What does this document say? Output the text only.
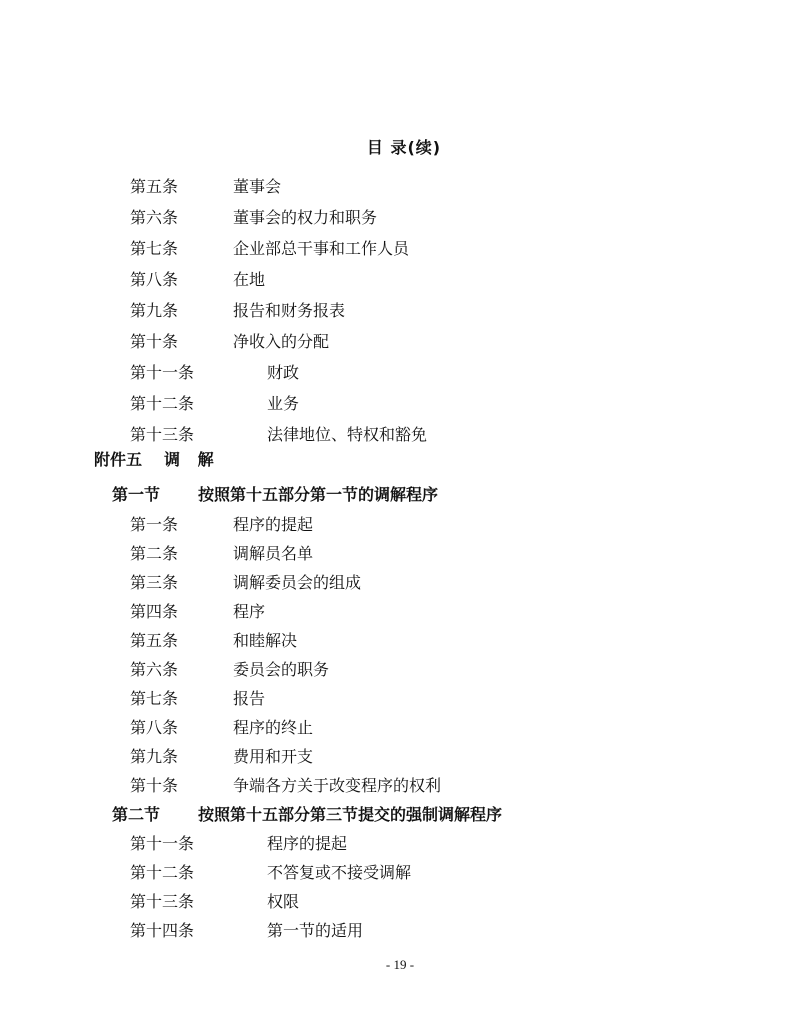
目 录(续)
第五条	董事会
第六条	董事会的权力和职务
第七条	企业部总干事和工作人员
第八条	在地
第九条	报告和财务报表
第十条	净收入的分配
第十一条	财政
第十二条	业务
第十三条	法律地位、特权和豁免
附件五 调 解
第一节 按照第十五部分第一节的调解程序
第一条	程序的提起
第二条	调解员名单
第三条	调解委员会的组成
第四条	程序
第五条	和睦解决
第六条	委员会的职务
第七条	报告
第八条	程序的终止
第九条	费用和开支
第十条	争端各方关于改变程序的权利
第二节 按照第十五部分第三节提交的强制调解程序
第十一条	程序的提起
第十二条	不答复或不接受调解
第十三条	权限
第十四条	第一节的适用
- 19 -
